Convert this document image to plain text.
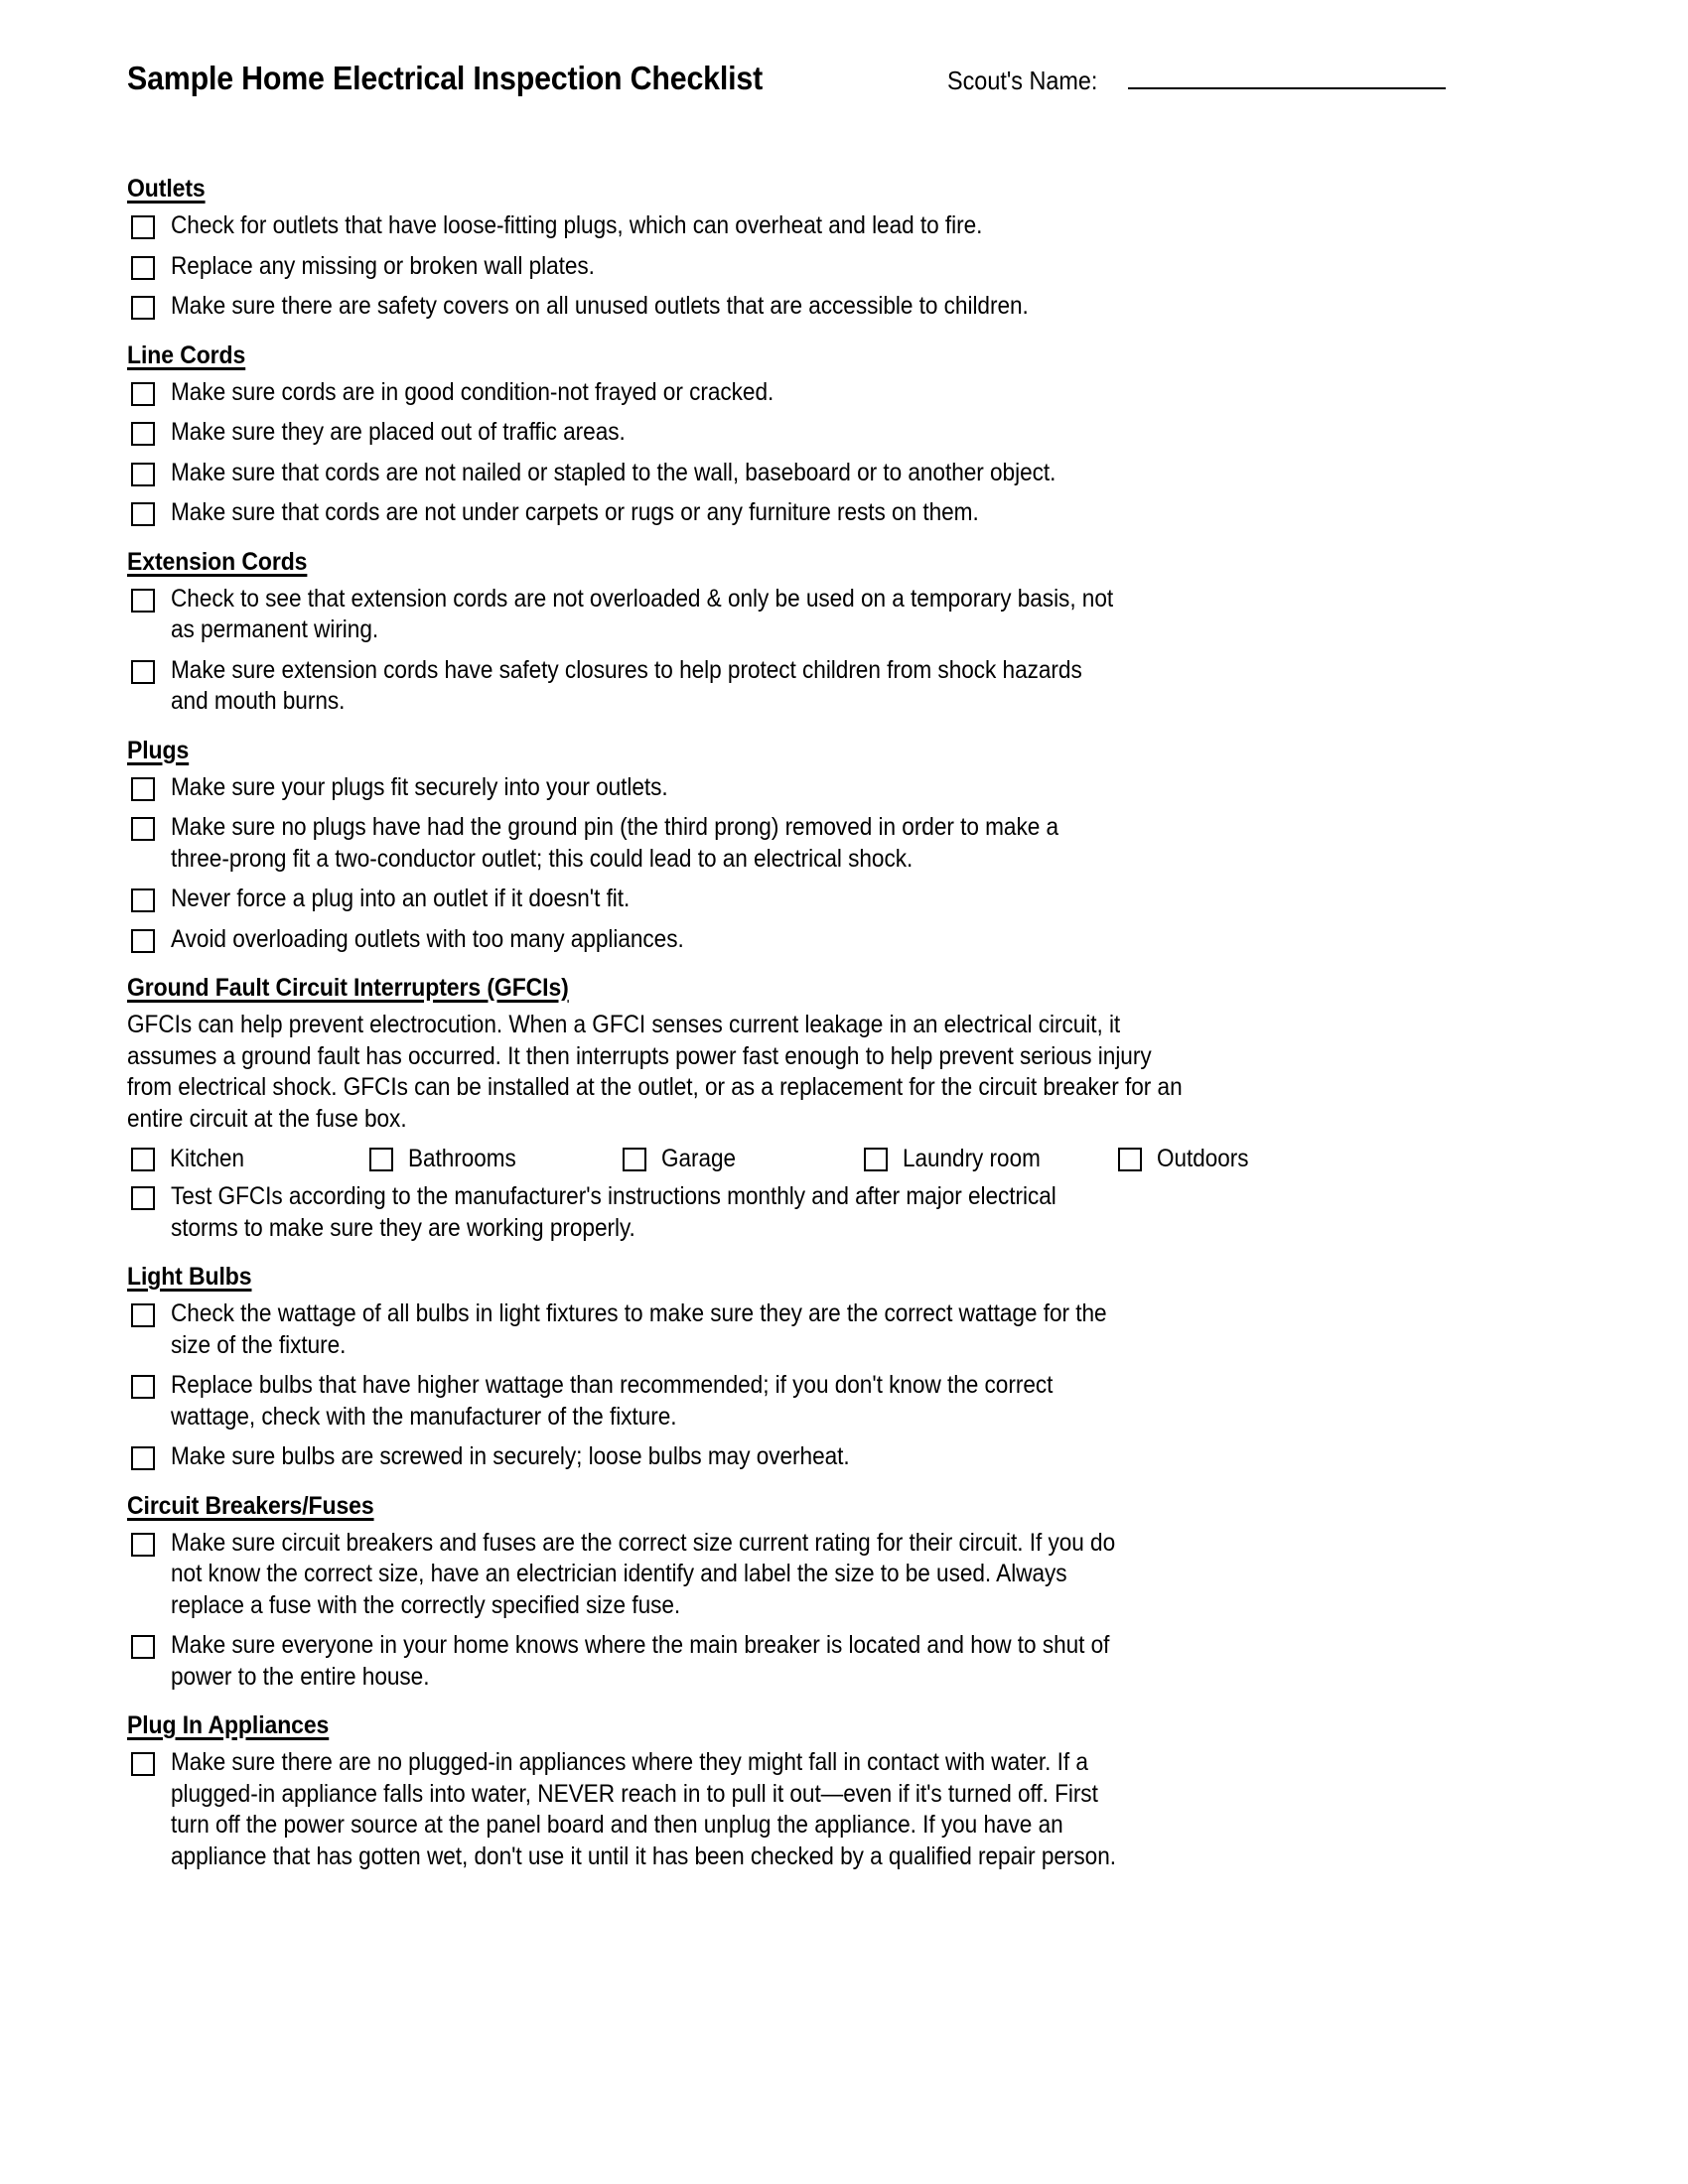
Sample Home Electrical Inspection Checklist	Scout's Name:
Outlets
Check for outlets that have loose-fitting plugs, which can overheat and lead to fire.
Replace any missing or broken wall plates.
Make sure there are safety covers on all unused outlets that are accessible to children.
Line Cords
Make sure cords are in good condition-not frayed or cracked.
Make sure they are placed out of traffic areas.
Make sure that cords are not nailed or stapled to the wall, baseboard or to another object.
Make sure that cords are not under carpets or rugs or any furniture rests on them.
Extension Cords
Check to see that extension cords are not overloaded & only be used on a temporary basis, not as permanent wiring.
Make sure extension cords have safety closures to help protect children from shock hazards and mouth burns.
Plugs
Make sure your plugs fit securely into your outlets.
Make sure no plugs have had the ground pin (the third prong) removed in order to make a three-prong fit a two-conductor outlet; this could lead to an electrical shock.
Never force a plug into an outlet if it doesn't fit.
Avoid overloading outlets with too many appliances.
Ground Fault Circuit Interrupters (GFCIs)
GFCIs can help prevent electrocution. When a GFCI senses current leakage in an electrical circuit, it assumes a ground fault has occurred. It then interrupts power fast enough to help prevent serious injury from electrical shock. GFCIs can be installed at the outlet, or as a replacement for the circuit breaker for an entire circuit at the fuse box.
Kitchen	Bathrooms	Garage	Laundry room	Outdoors
Test GFCIs according to the manufacturer's instructions monthly and after major electrical storms to make sure they are working properly.
Light Bulbs
Check the wattage of all bulbs in light fixtures to make sure they are the correct wattage for the size of the fixture.
Replace bulbs that have higher wattage than recommended; if you don't know the correct wattage, check with the manufacturer of the fixture.
Make sure bulbs are screwed in securely; loose bulbs may overheat.
Circuit Breakers/Fuses
Make sure circuit breakers and fuses are the correct size current rating for their circuit. If you do not know the correct size, have an electrician identify and label the size to be used. Always replace a fuse with the correctly specified size fuse.
Make sure everyone in your home knows where the main breaker is located and how to shut of power to the entire house.
Plug In Appliances
Make sure there are no plugged-in appliances where they might fall in contact with water. If a plugged-in appliance falls into water, NEVER reach in to pull it out—even if it's turned off. First turn off the power source at the panel board and then unplug the appliance. If you have an appliance that has gotten wet, don't use it until it has been checked by a qualified repair person.
